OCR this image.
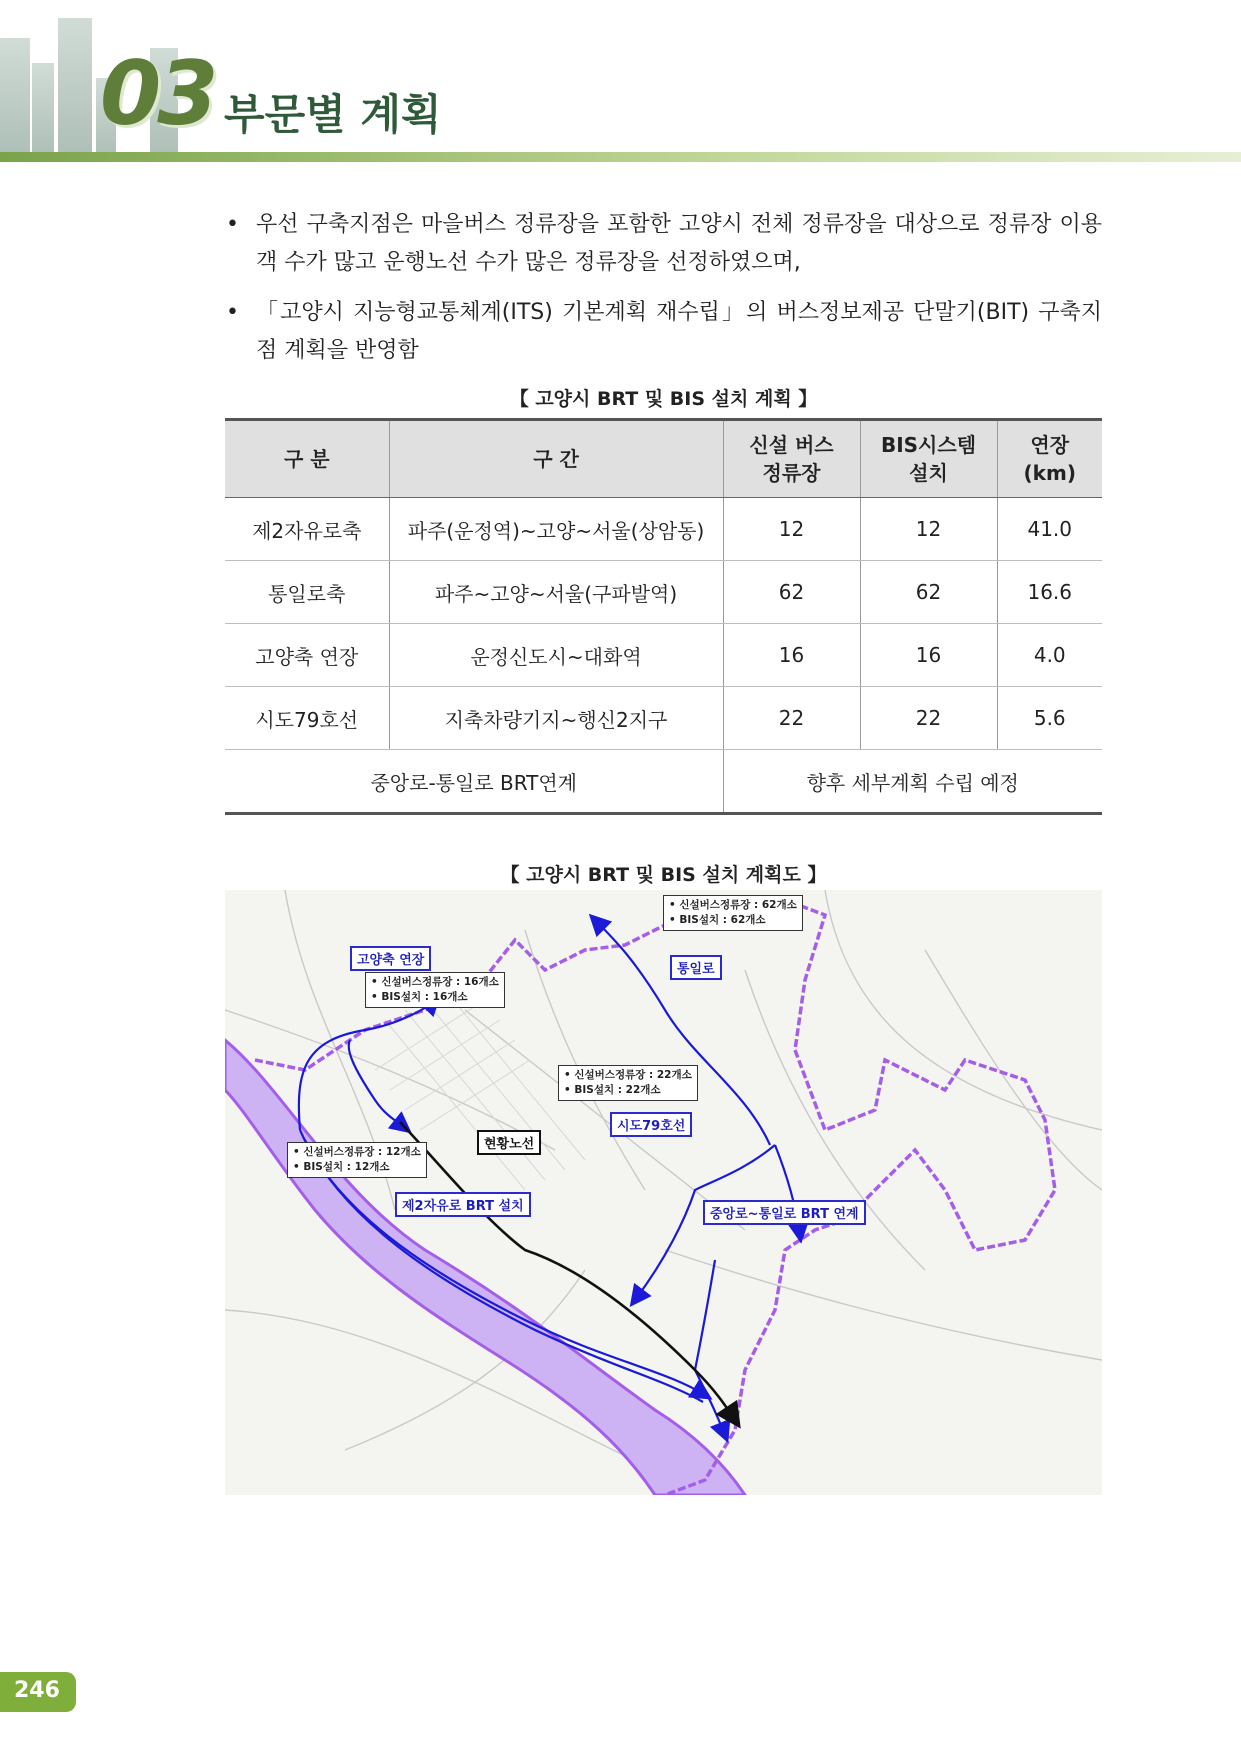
03 부문별 계획
• 우선 구축지점은 마을버스 정류장을 포함한 고양시 전체 정류장을 대상으로 정류장 이용객 수가 많고 운행노선 수가 많은 정류장을 선정하였으며,
• 「고양시 지능형교통체계(ITS) 기본계획 재수립」의 버스정보제공 단말기(BIT) 구축지점 계획을 반영함
【 고양시 BRT 및 BIS 설치 계획 】
구 분	구 간	신설 버스정류장	BIS시스템 설치	연장 (km)
제2자유로축	파주(운정역)~고양~서울(상암동)	12	12	41.0
통일로축	파주~고양~서울(구파발역)	62	62	16.6
고양축 연장	운정신도시~대화역	16	16	4.0
시도79호선	지축차량기지~행신2지구	22	22	5.6
중앙로-통일로 BRT연계		향후 세부계획 수립 예정		
【 고양시 BRT 및 BIS 설치 계획도 】
• 신설버스정류장 : 62개소
• BIS설치 : 62개소
통일로
고양축 연장
• 신설버스정류장 : 16개소
• BIS설치 : 16개소
• 신설버스정류장 : 22개소
• BIS설치 : 22개소
시도79호선
현황노선
• 신설버스정류장 : 12개소
• BIS설치 : 12개소
제2자유로 BRT 설치
중앙로~통일로 BRT 연계
246
